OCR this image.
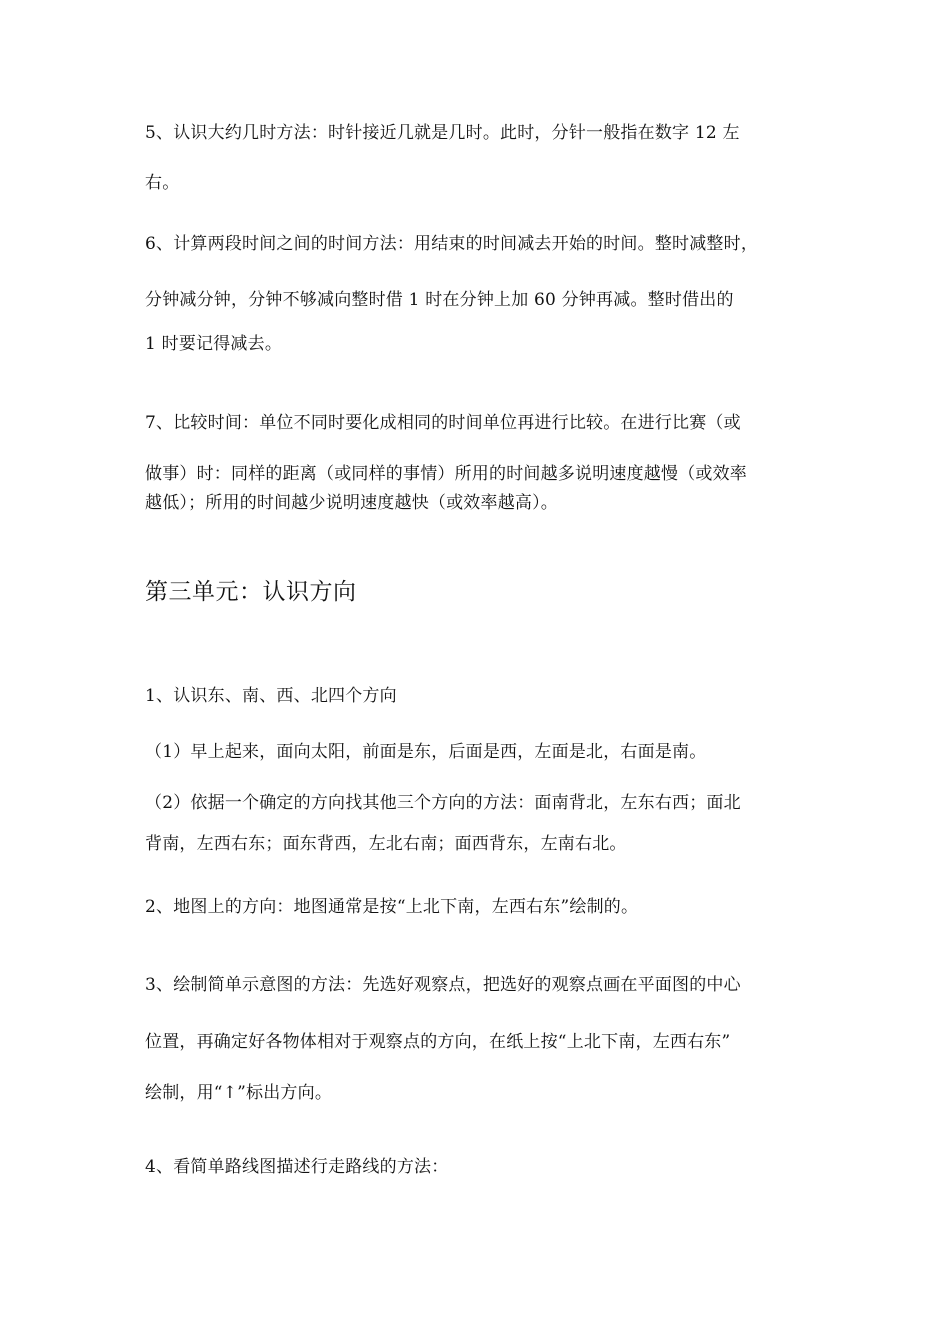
5、认识大约几时方法：时针接近几就是几时。此时，分针一般指在数字 12 左
右。
6、计算两段时间之间的时间方法：用结束的时间减去开始的时间。整时减整时，
分钟减分钟，分钟不够减向整时借 1 时在分钟上加 60 分钟再减。整时借出的
1 时要记得减去。
7、比较时间：单位不同时要化成相同的时间单位再进行比较。在进行比赛（或
做事）时：同样的距离（或同样的事情）所用的时间越多说明速度越慢（或效率
越低）；所用的时间越少说明速度越快（或效率越高）。
第三单元：认识方向
1、认识东、南、西、北四个方向
（1）早上起来，面向太阳，前面是东，后面是西，左面是北，右面是南。
（2）依据一个确定的方向找其他三个方向的方法：面南背北，左东右西；面北
背南，左西右东；面东背西，左北右南；面西背东，左南右北。
2、地图上的方向：地图通常是按“上北下南，左西右东”绘制的。
3、绘制简单示意图的方法：先选好观察点，把选好的观察点画在平面图的中心
位置，再确定好各物体相对于观察点的方向，在纸上按“上北下南，左西右东”
绘制，用“↑”标出方向。
4、看简单路线图描述行走路线的方法：
